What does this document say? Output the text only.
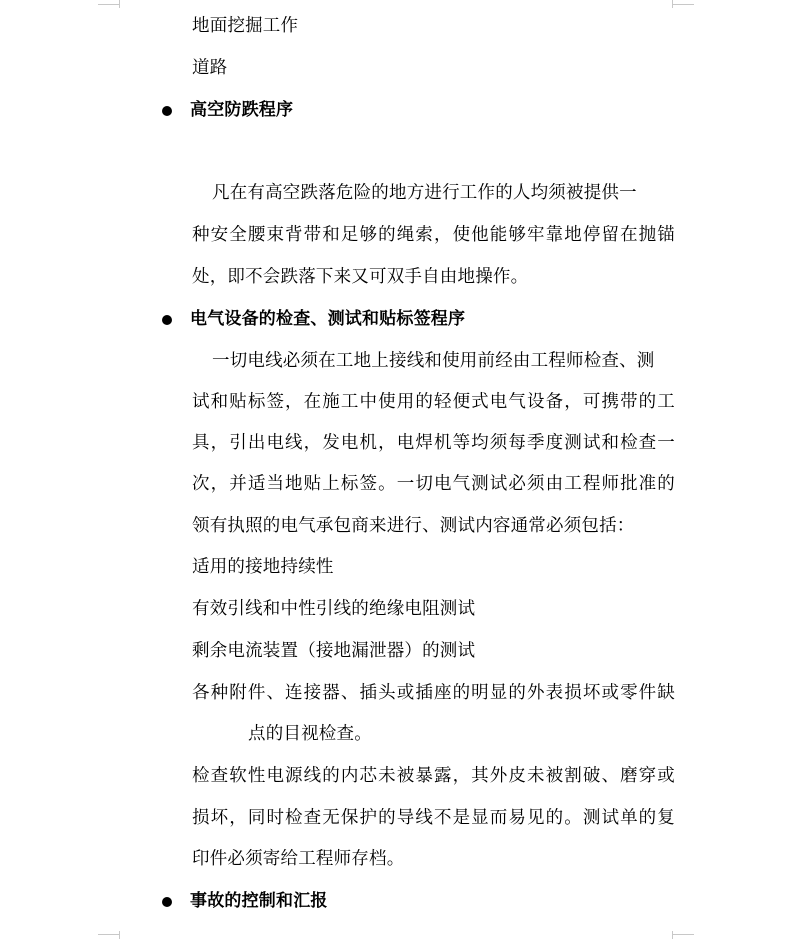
地面挖掘工作
道路
高空防跌程序
凡在有高空跌落危险的地方进行工作的人均须被提供一
种安全腰束背带和足够的绳索，使他能够牢靠地停留在抛锚
处，即不会跌落下来又可双手自由地操作。
电气设备的检查、测试和贴标签程序
一切电线必须在工地上接线和使用前经由工程师检查、测
试和贴标签，在施工中使用的轻便式电气设备，可携带的工
具，引出电线，发电机，电焊机等均须每季度测试和检查一
次，并适当地贴上标签。一切电气测试必须由工程师批准的
领有执照的电气承包商来进行、测试内容通常必须包括：
适用的接地持续性
有效引线和中性引线的绝缘电阻测试
剩余电流装置（接地漏泄器）的测试
各种附件、连接器、插头或插座的明显的外表损坏或零件缺
点的目视检查。
检查软性电源线的内芯未被暴露，其外皮未被割破、磨穿或
损坏，同时检查无保护的导线不是显而易见的。测试单的复
印件必须寄给工程师存档。
事故的控制和汇报
